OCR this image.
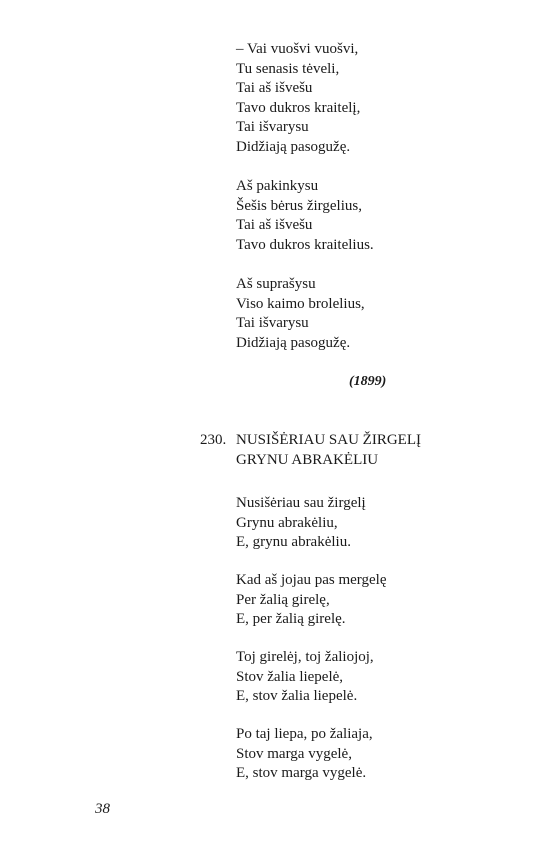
– Vai vuošvi vuošvi,
Tu senasis tėveli,
Tai aš išvešu
Tavo dukros kraitelį,
Tai išvarysu
Didžiają pasogužę.
Aš pakinkysu
Šešis bėrus žirgelius,
Tai aš išvešu
Tavo dukros kraitelius.
Aš suprašysu
Viso kaimo brolelius,
Tai išvarysu
Didžiają pasogužę.
(1899)
230. NUSIŠĖRIAU SAU ŽIRGELĮ
GRYNU ABRAKĖLIU
Nusišėriau sau žirgelį
Grynu abrakėliu,
E, grynu abrakėliu.
Kad aš jojau pas mergelę
Per žalią girelę,
E, per žalią girelę.
Toj girelėj, toj žaliojoj,
Stov žalia liepelė,
E, stov žalia liepelė.
Po taj liepa, po žaliaja,
Stov marga vygelė,
E, stov marga vygelė.
38
